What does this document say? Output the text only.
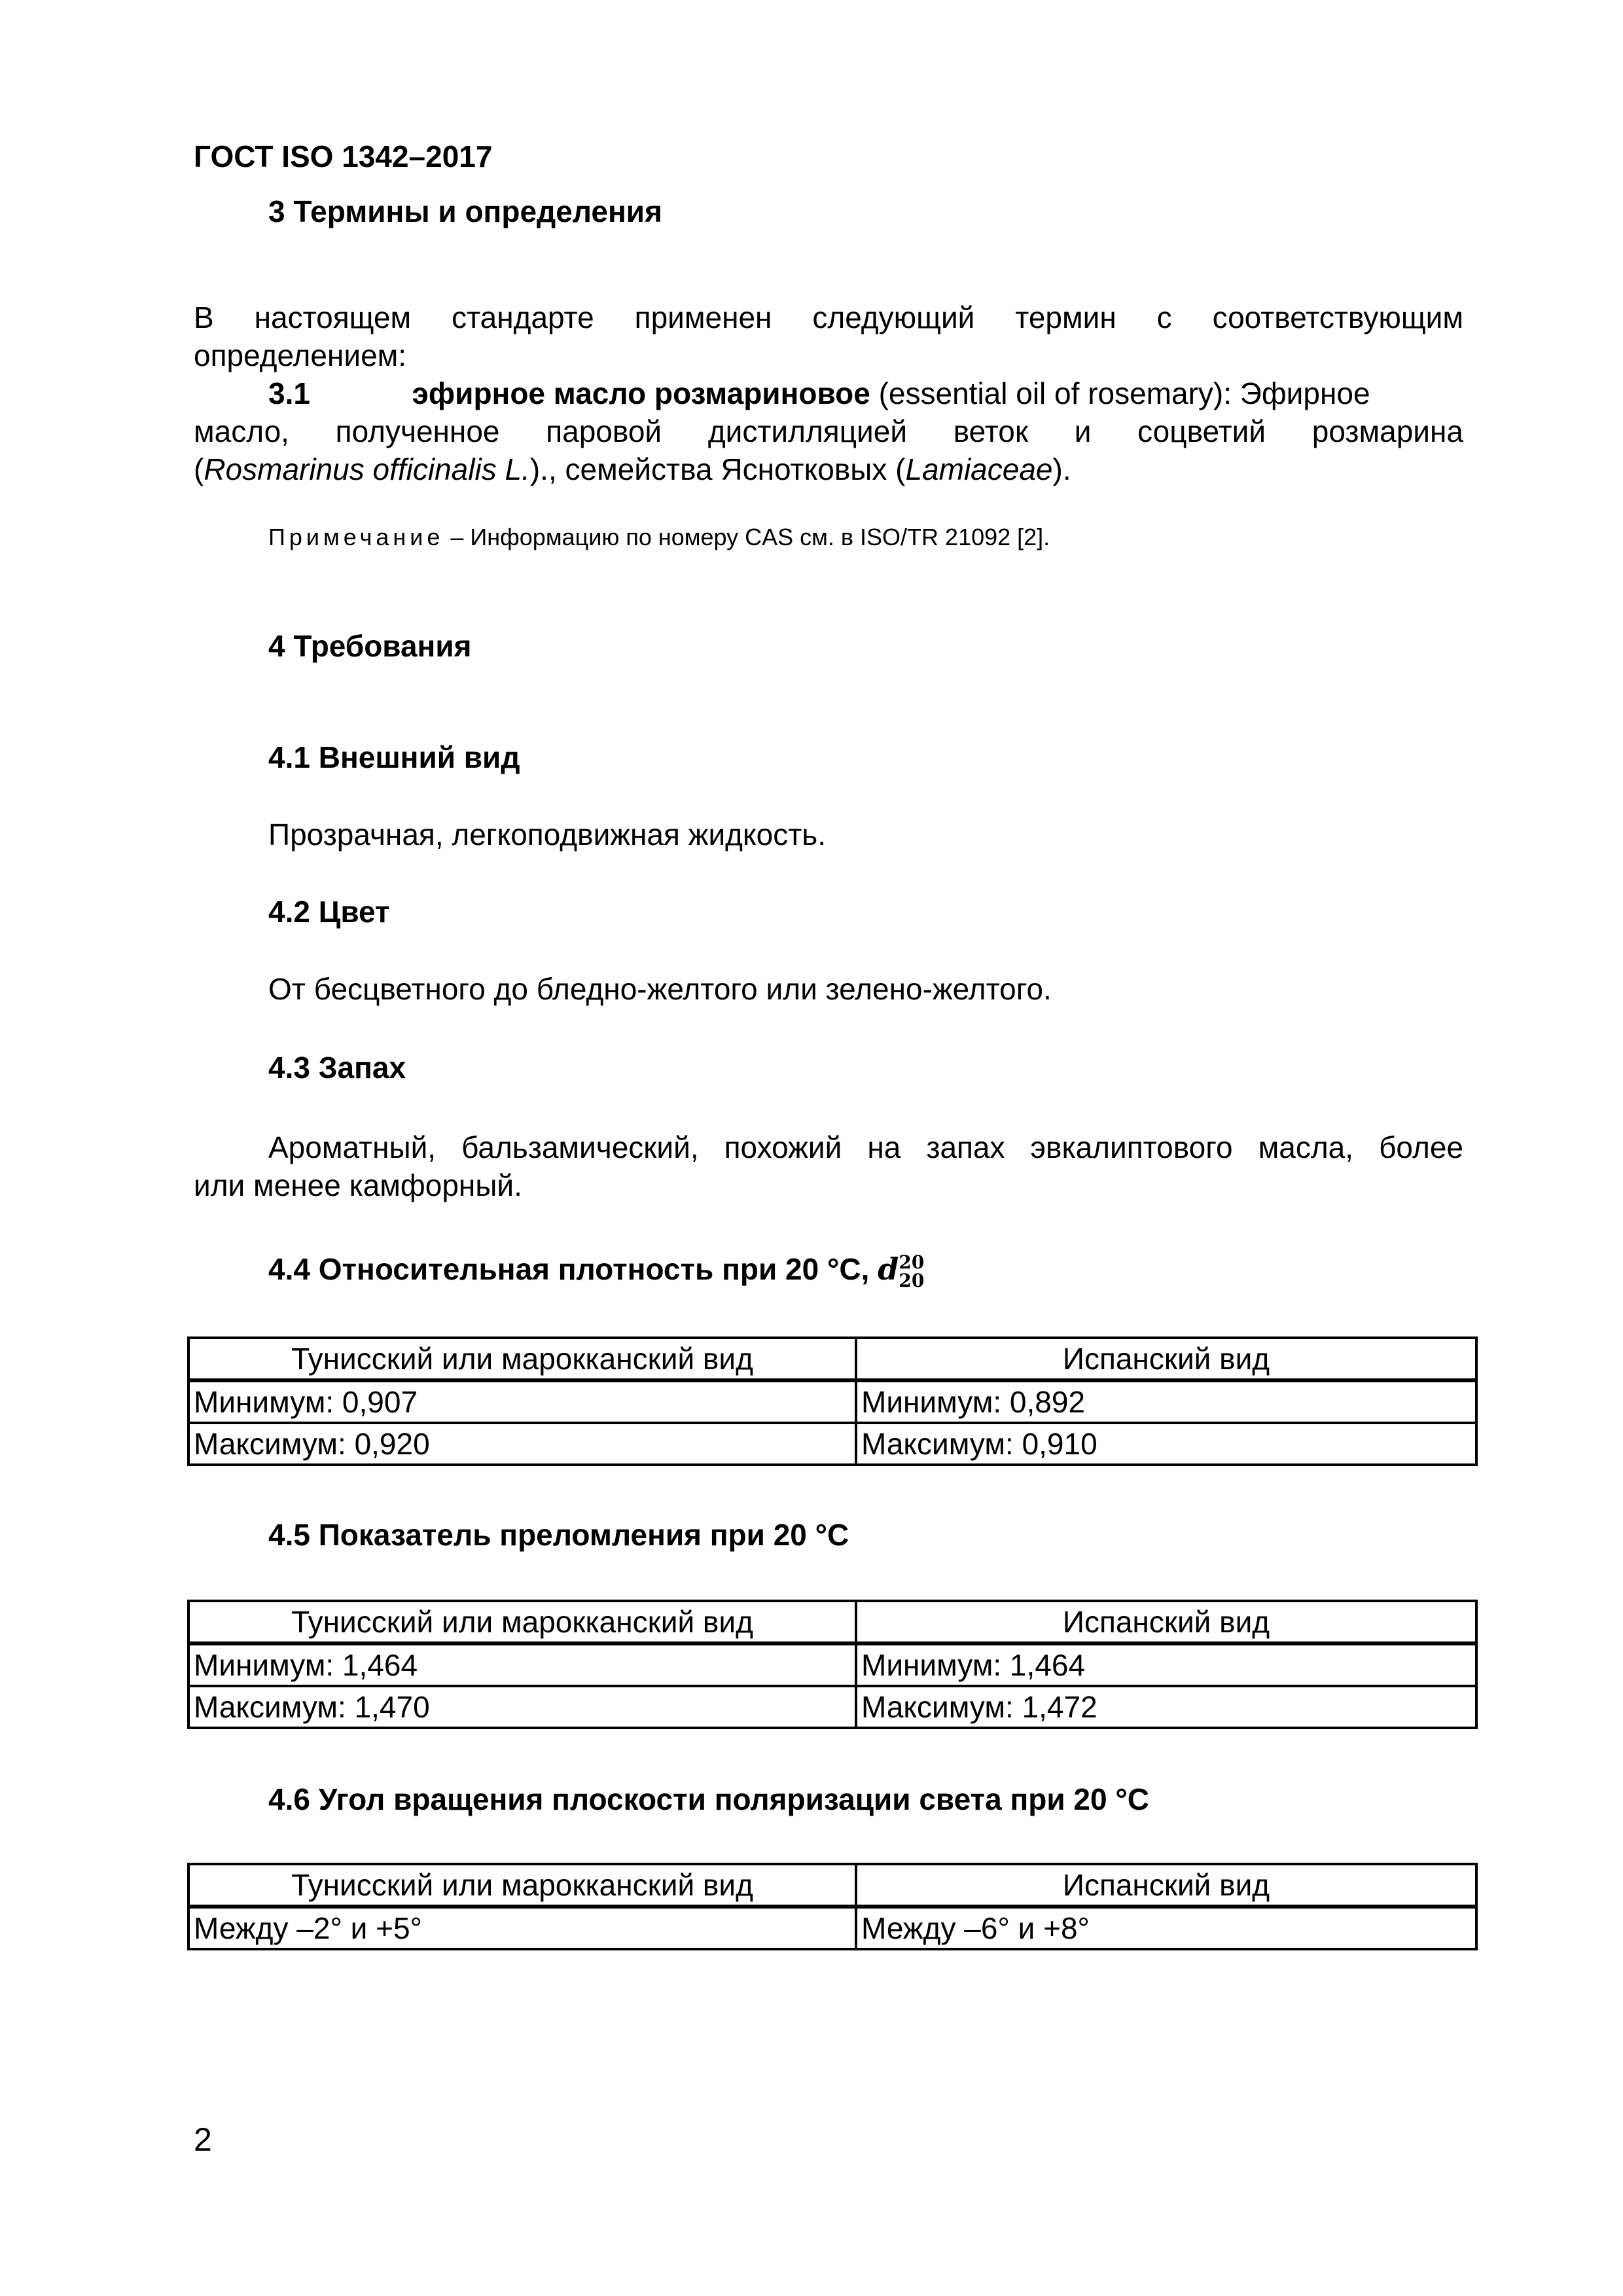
ГОСТ ISO 1342–2017
3 Термины и определения
В настоящем стандарте применен следующий термин с соответствующим
определением:
3.1	эфирное масло розмариновое (essential oil of rosemary): Эфирное
масло, полученное паровой дистилляцией веток и соцветий розмарина
(Rosmarinus officinalis L.)., семейства Яснотковых (Lamiaceae).
Примечание – Информацию по номеру CAS см. в ISO/TR 21092 [2].
4 Требования
4.1 Внешний вид
Прозрачная, легкоподвижная жидкость.
4.2 Цвет
От бесцветного до бледно-желтого или зелено-желтого.
4.3 Запах
Ароматный, бальзамический, похожий на запах эвкалиптового масла, более
или менее камфорный.
4.4 Относительная плотность при 20 °С, d 20
20
Тунисский или марокканский вид	Испанский вид
Минимум: 0,907	Минимум: 0,892
Максимум: 0,920	Максимум: 0,910
4.5 Показатель преломления при 20 °С
Тунисский или марокканский вид	Испанский вид
Минимум: 1,464	Минимум: 1,464
Максимум: 1,470	Максимум: 1,472
4.6 Угол вращения плоскости поляризации света при 20 °С
Тунисский или марокканский вид	Испанский вид
Между –2° и +5°	Между –6° и +8°
2
